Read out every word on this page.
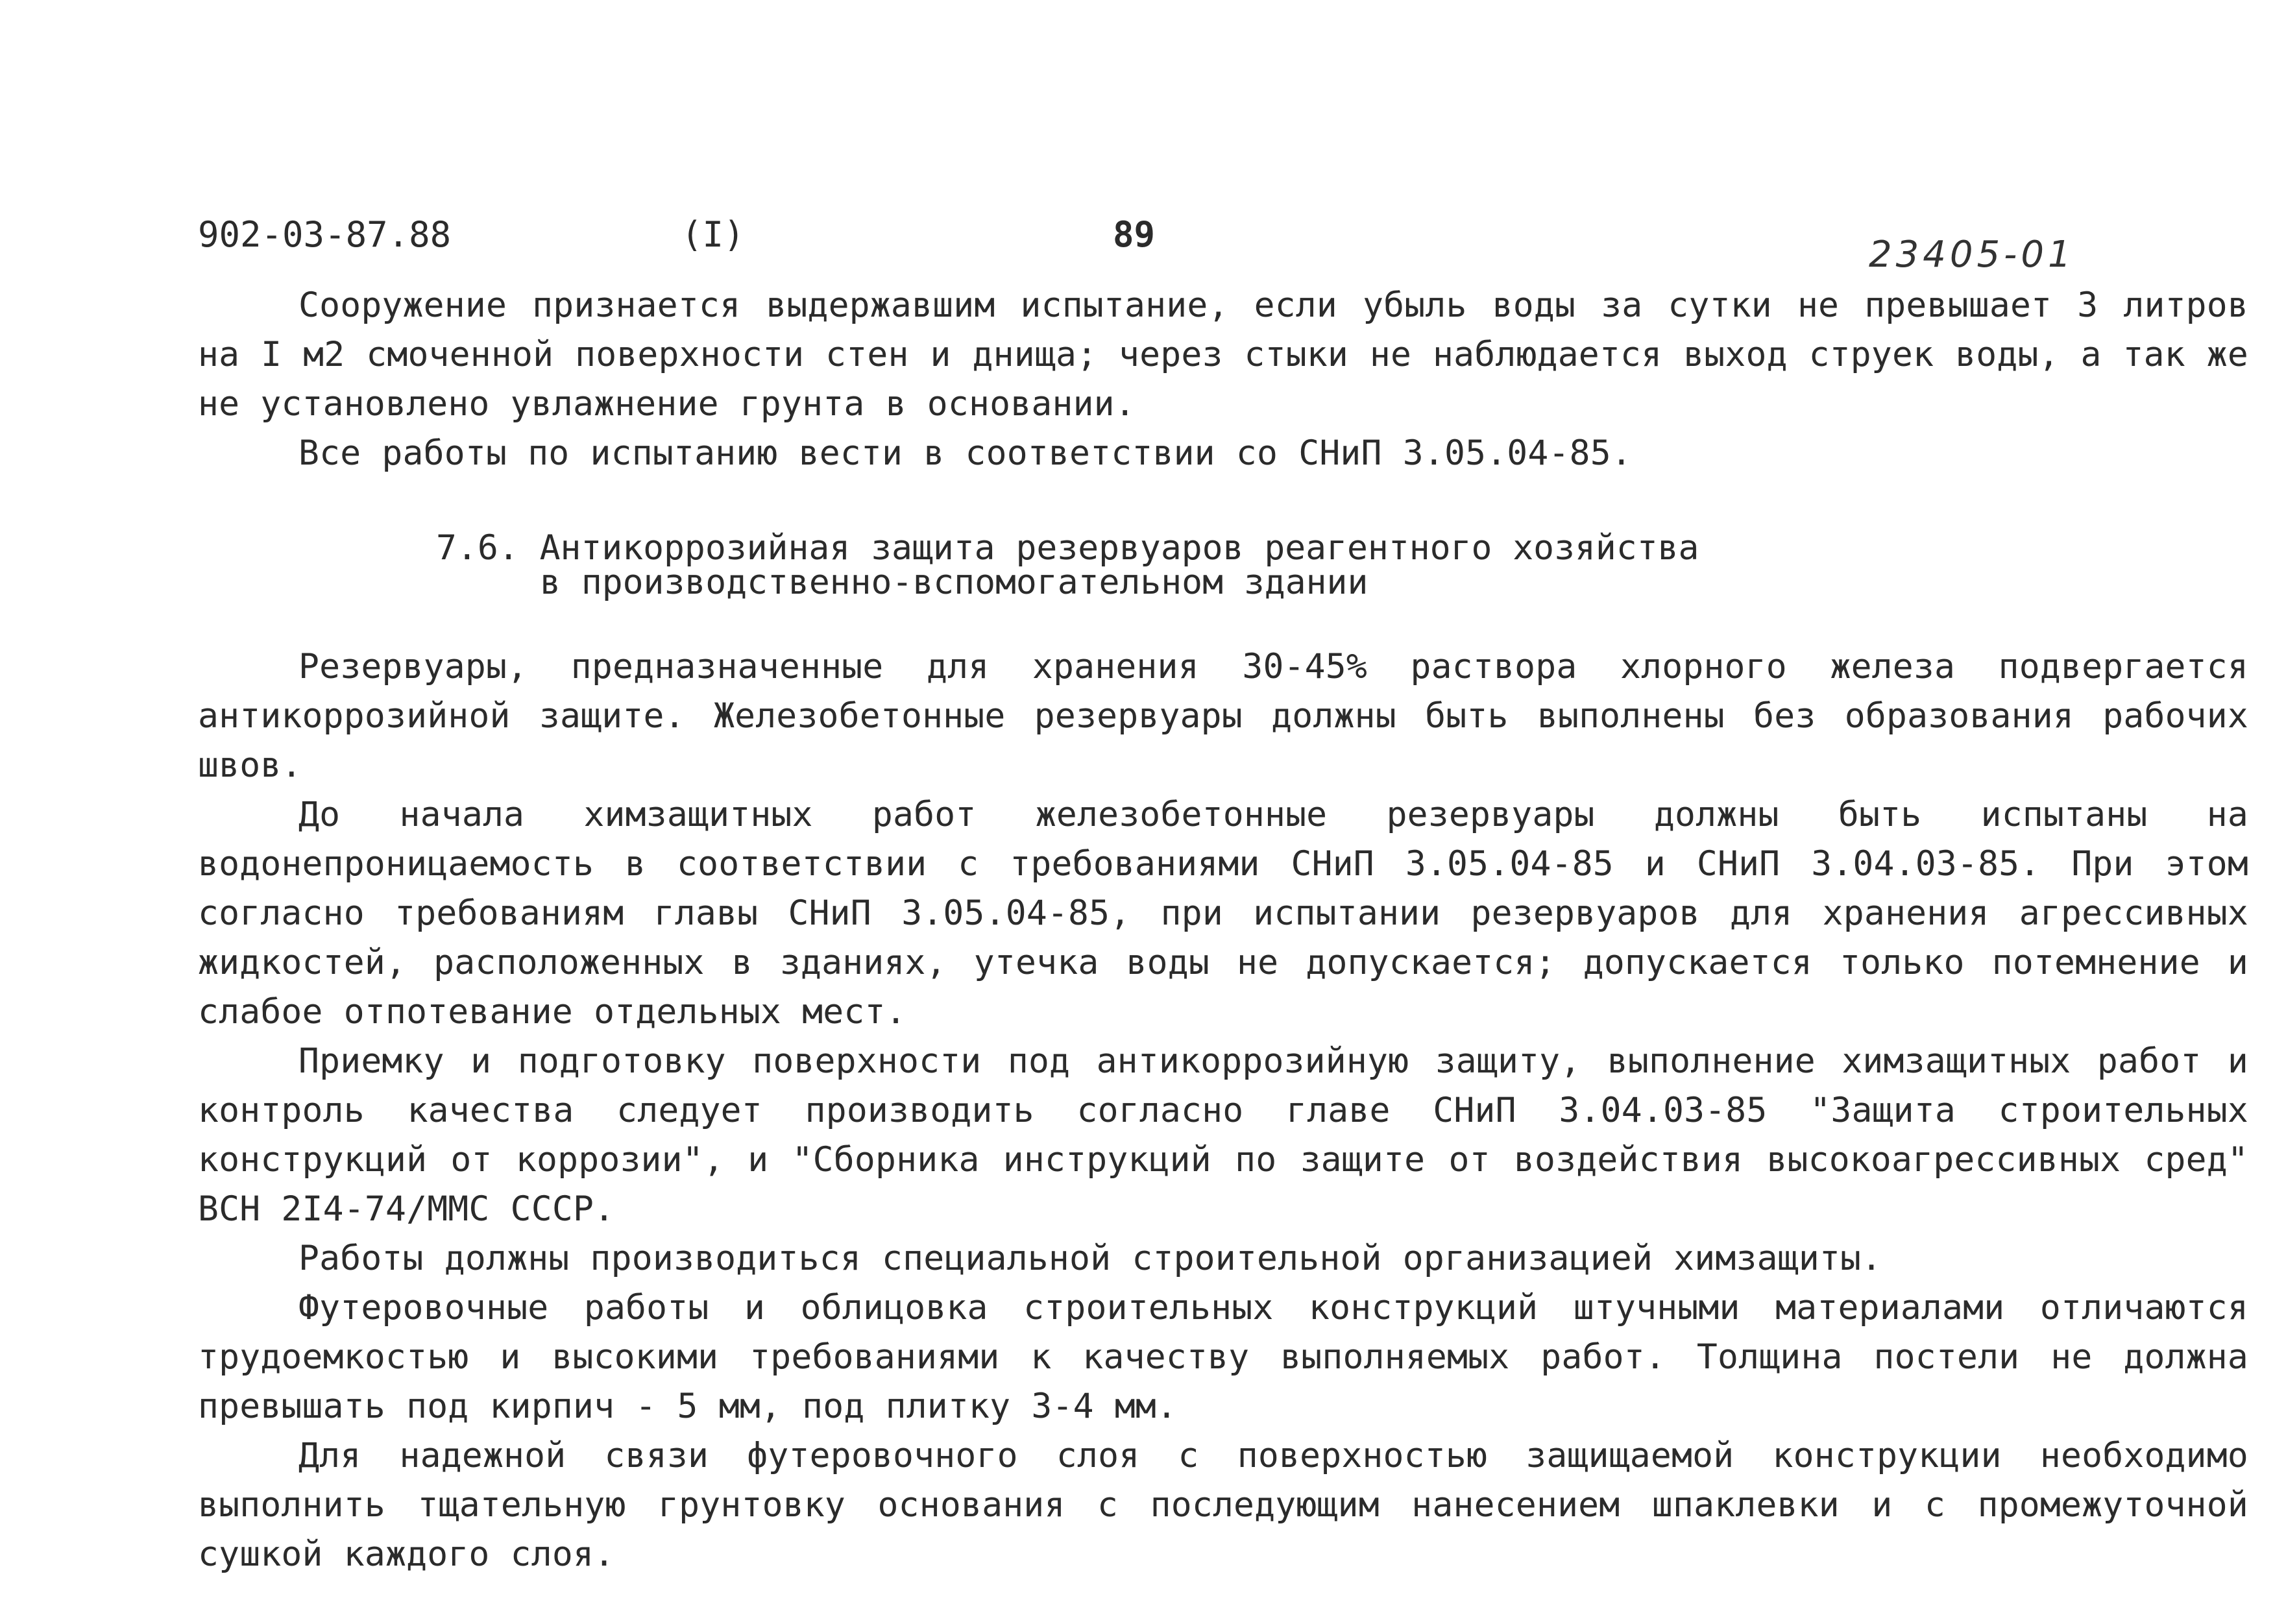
902-03-87.88	(I)	89	23405-01

Сооружение признается выдержавшим испытание, если убыль воды за сутки не превышает 3 литров на I м2 смоченной поверхности стен и днища; через стыки не наблюдается выход струек воды, а так же не установлено увлажнение грунта в основании.

Все работы по испытанию вести в соответствии со СНиП 3.05.04-85.

7.6. Антикоррозийная защита резервуаров реагентного хозяйства
в производственно-вспомогательном здании

Резервуары, предназначенные для хранения 30-45% раствора хлорного железа подвергается антикоррозийной защите. Железобетонные резервуары должны быть выполнены без образования рабочих швов.

До начала химзащитных работ железобетонные резервуары должны быть испытаны на водонепроницаемость в соответствии с требованиями СНиП 3.05.04-85 и СНиП 3.04.03-85. При этом согласно требованиям главы СНиП 3.05.04-85, при испытании резервуаров для хранения агрессивных жидкостей, расположенных в зданиях, утечка воды не допускается; допускается только потемнение и слабое отпотевание отдельных мест.

Приемку и подготовку поверхности под антикоррозийную защиту, выполнение химзащитных работ и контроль качества следует производить согласно главе СНиП 3.04.03-85 "Защита строительных конструкций от коррозии", и "Сборника инструкций по защите от воздействия высокоагрессивных сред" ВСН 2I4-74/ММС СССР.

Работы должны производиться специальной строительной организацией химзащиты.

Футеровочные работы и облицовка строительных конструкций штучными материалами отличаются трудоемкостью и высокими требованиями к качеству выполняемых работ. Толщина постели не должна превышать под кирпич - 5 мм, под плитку 3-4 мм.

Для надежной связи футеровочного слоя с поверхностью защищаемой конструкции необходимо выполнить тщательную грунтовку основания с последующим нанесением шпаклевки и с промежуточной сушкой каждого слоя.
